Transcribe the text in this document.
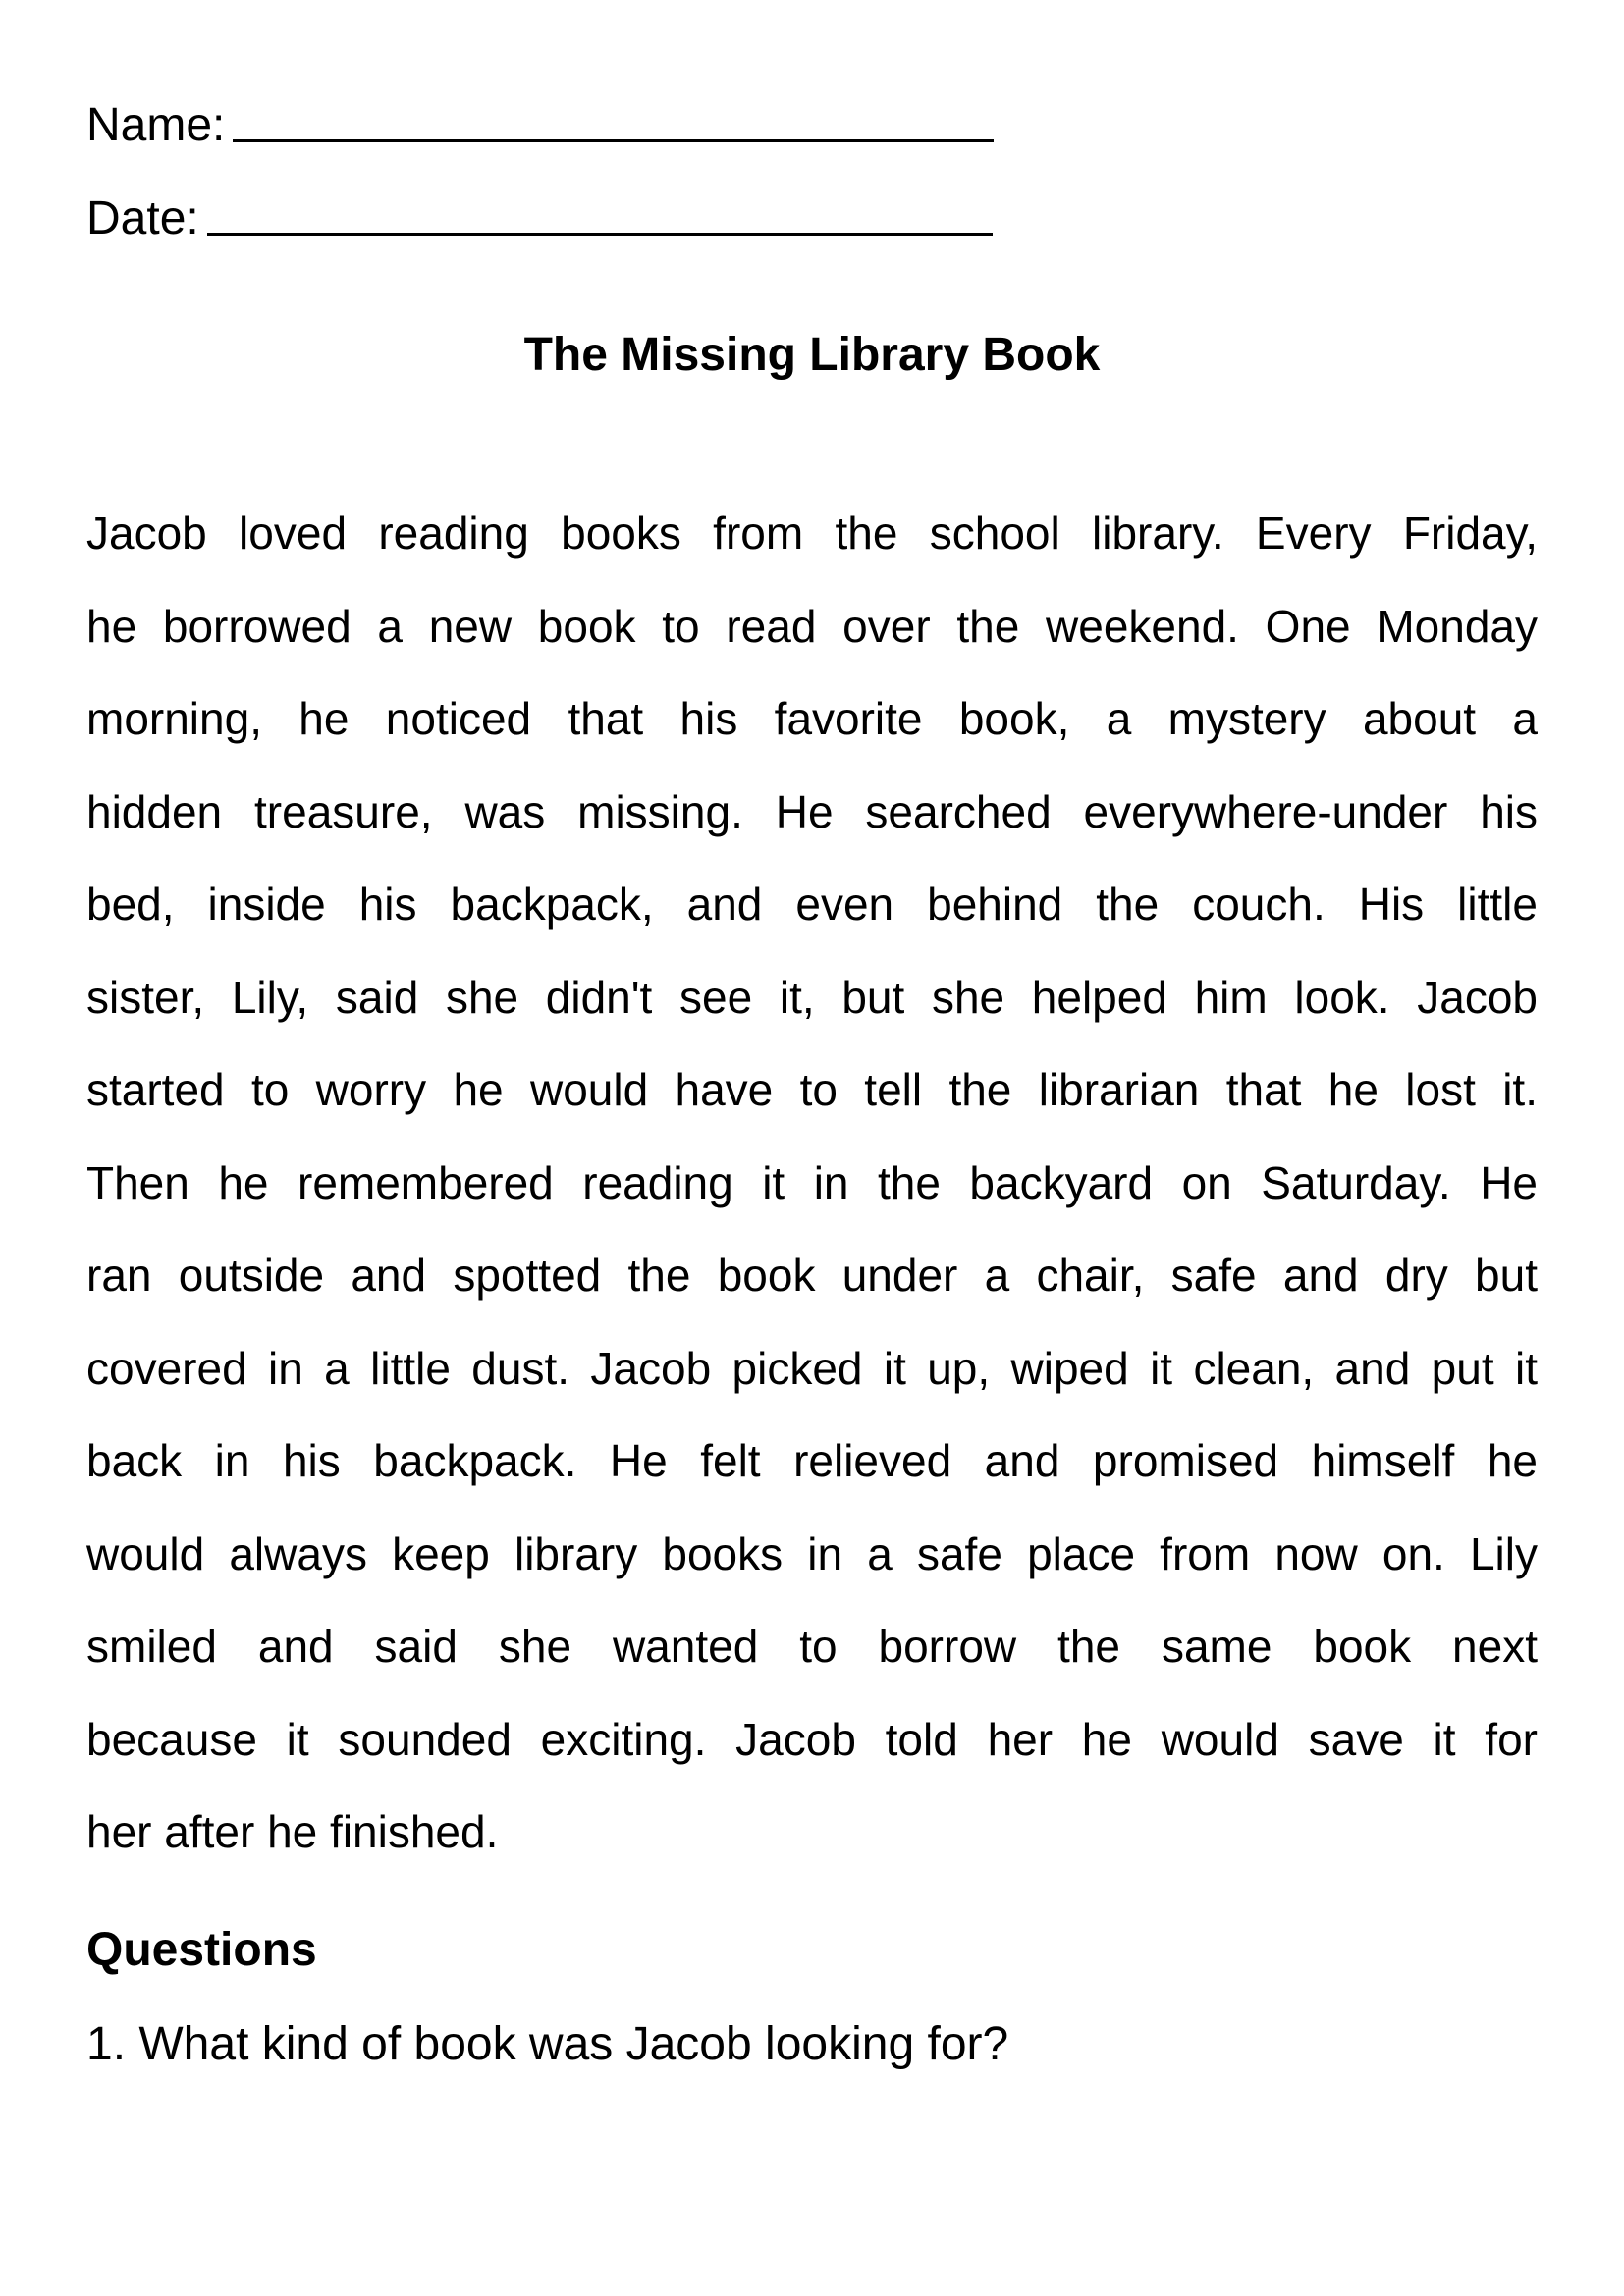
Name:
Date:
The Missing Library Book
Jacob loved reading books from the school library. Every Friday,
he borrowed a new book to read over the weekend. One Monday
morning, he noticed that his favorite book, a mystery about a
hidden treasure, was missing. He searched everywhere-under his
bed, inside his backpack, and even behind the couch. His little
sister, Lily, said she didn't see it, but she helped him look. Jacob
started to worry he would have to tell the librarian that he lost it.
Then he remembered reading it in the backyard on Saturday. He
ran outside and spotted the book under a chair, safe and dry but
covered in a little dust. Jacob picked it up, wiped it clean, and put it
back in his backpack. He felt relieved and promised himself he
would always keep library books in a safe place from now on. Lily
smiled and said she wanted to borrow the same book next
because it sounded exciting. Jacob told her he would save it for
her after he finished.
Questions
1. What kind of book was Jacob looking for?
